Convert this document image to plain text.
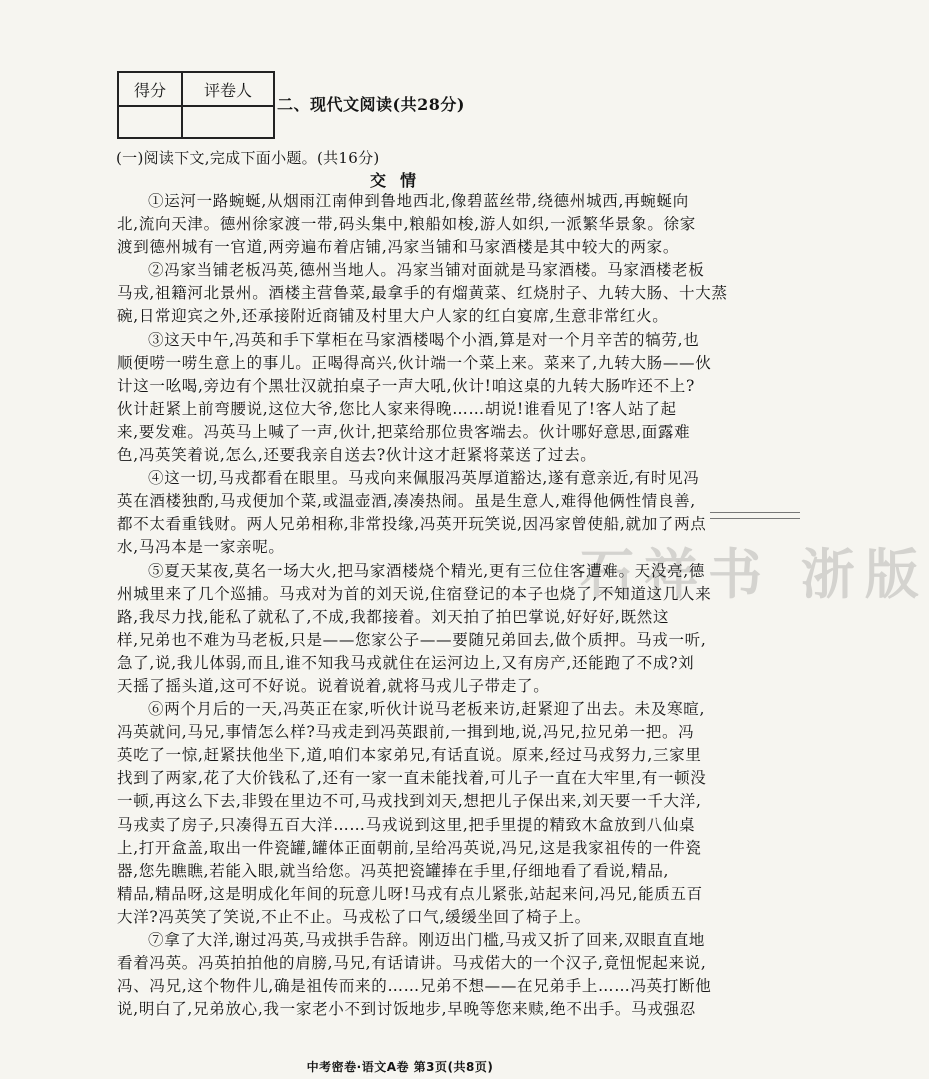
得分	评卷人

二、现代文阅读(共28分)
(一)阅读下文,完成下面小题。(共16分)
交情
①运河一路蜿蜒,从烟雨江南伸到鲁地西北,像碧蓝丝带,绕德州城西,再蜿蜒向
北,流向天津。德州徐家渡一带,码头集中,粮船如梭,游人如织,一派繁华景象。徐家
渡到德州城有一官道,两旁遍布着店铺,冯家当铺和马家酒楼是其中较大的两家。
②冯家当铺老板冯英,德州当地人。冯家当铺对面就是马家酒楼。马家酒楼老板
马戎,祖籍河北景州。酒楼主营鲁菜,最拿手的有熘黄菜、红烧肘子、九转大肠、十大蒸
碗,日常迎宾之外,还承接附近商铺及村里大户人家的红白宴席,生意非常红火。
③这天中午,冯英和手下掌柜在马家酒楼喝个小酒,算是对一个月辛苦的犒劳,也
顺便唠一唠生意上的事儿。正喝得高兴,伙计端一个菜上来。菜来了,九转大肠——伙
计这一吆喝,旁边有个黑壮汉就拍桌子一声大吼,伙计!咱这桌的九转大肠咋还不上?
伙计赶紧上前弯腰说,这位大爷,您比人家来得晚……胡说!谁看见了!客人站了起
来,要发难。冯英马上喊了一声,伙计,把菜给那位贵客端去。伙计哪好意思,面露难
色,冯英笑着说,怎么,还要我亲自送去?伙计这才赶紧将菜送了过去。
④这一切,马戎都看在眼里。马戎向来佩服冯英厚道豁达,遂有意亲近,有时见冯
英在酒楼独酌,马戎便加个菜,或温壶酒,凑凑热闹。虽是生意人,难得他俩性情良善,
都不太看重钱财。两人兄弟相称,非常投缘,冯英开玩笑说,因冯家曾使船,就加了两点
水,马冯本是一家亲呢。
⑤夏天某夜,莫名一场大火,把马家酒楼烧个精光,更有三位住客遭难。天没亮,德
州城里来了几个巡捕。马戎对为首的刘天说,住宿登记的本子也烧了,不知道这几人来
路,我尽力找,能私了就私了,不成,我都接着。刘天拍了拍巴掌说,好好好,既然这
样,兄弟也不难为马老板,只是——您家公子——要随兄弟回去,做个质押。马戎一听,
急了,说,我儿体弱,而且,谁不知我马戎就住在运河边上,又有房产,还能跑了不成?刘
天摇了摇头道,这可不好说。说着说着,就将马戎儿子带走了。
⑥两个月后的一天,冯英正在家,听伙计说马老板来访,赶紧迎了出去。未及寒暄,
冯英就问,马兄,事情怎么样?马戎走到冯英跟前,一揖到地,说,冯兄,拉兄弟一把。冯
英吃了一惊,赶紧扶他坐下,道,咱们本家弟兄,有话直说。原来,经过马戎努力,三家里
找到了两家,花了大价钱私了,还有一家一直未能找着,可儿子一直在大牢里,有一顿没
一顿,再这么下去,非毁在里边不可,马戎找到刘天,想把儿子保出来,刘天要一千大洋,
马戎卖了房子,只凑得五百大洋……马戎说到这里,把手里提的精致木盒放到八仙桌
上,打开盒盖,取出一件瓷罐,罐体正面朝前,呈给冯英说,冯兄,这是我家祖传的一件瓷
器,您先瞧瞧,若能入眼,就当给您。冯英把瓷罐捧在手里,仔细地看了看说,精品,
精品,精品呀,这是明成化年间的玩意儿呀!马戎有点儿紧张,站起来问,冯兄,能质五百
大洋?冯英笑了笑说,不止不止。马戎松了口气,缓缓坐回了椅子上。
⑦拿了大洋,谢过冯英,马戎拱手告辞。刚迈出门槛,马戎又折了回来,双眼直直地
看着冯英。冯英拍拍他的肩膀,马兄,有话请讲。马戎偌大的一个汉子,竟忸怩起来说,
冯、冯兄,这个物件儿,确是祖传而来的……兄弟不想——在兄弟手上……冯英打断他
说,明白了,兄弟放心,我一家老小不到讨饭地步,早晚等您来赎,绝不出手。马戎强忍
石祥书 浙版
中考密卷·语文A卷 第3页(共8页)
